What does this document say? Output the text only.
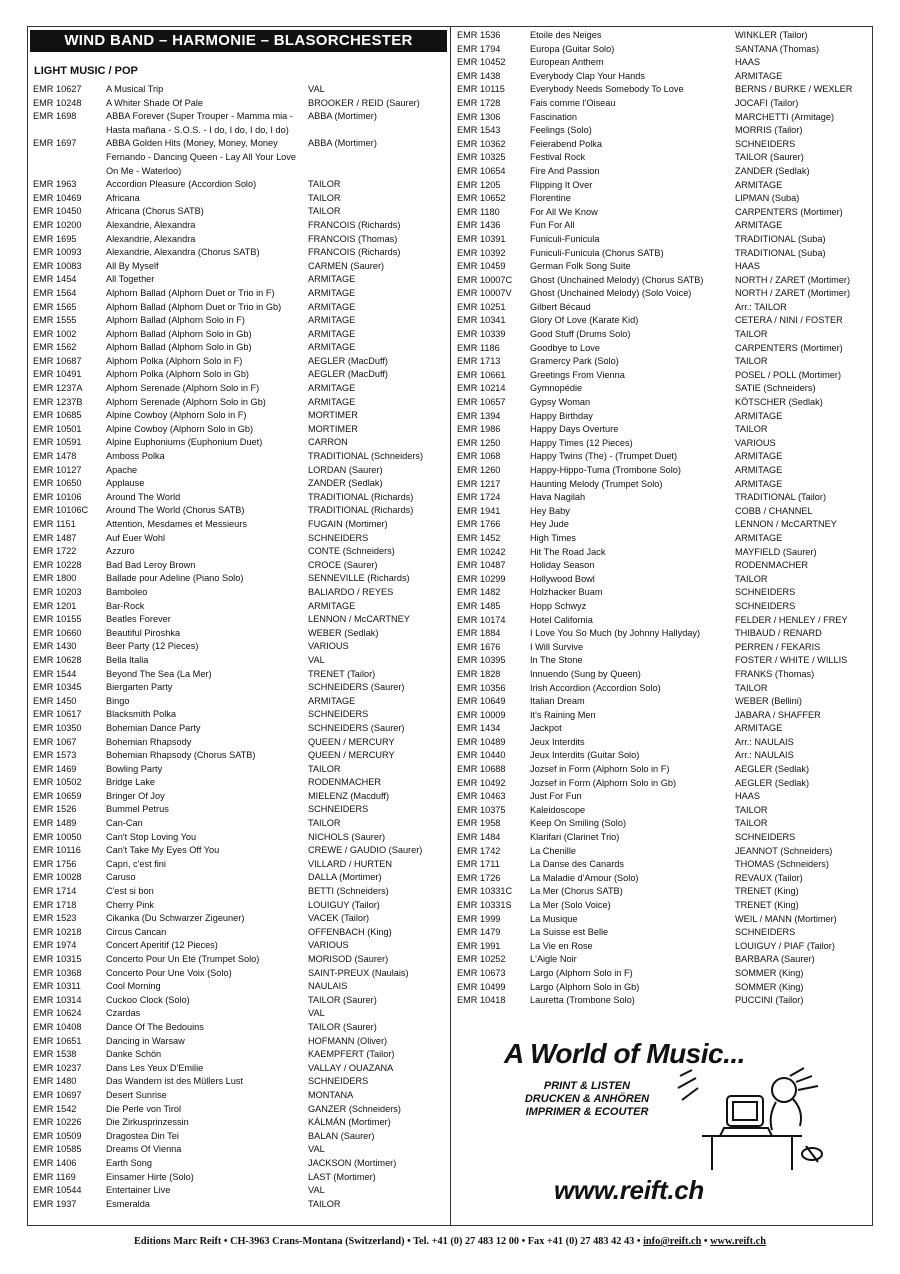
WIND BAND – HARMONIE – BLASORCHESTER
LIGHT MUSIC / POP
EMR 10627	A Musical Trip	VAL
EMR 10248	A Whiter Shade Of Pale	BROOKER / REID (Saurer)
EMR 1698	ABBA Forever (Super Trouper - Mamma mia - Hasta mañana - S.O.S. - I do, I do, I do, I do)
ABBA (Mortimer)
EMR 1697	ABBA Golden Hits (Money, Money, Money Fernando - Dancing Queen - Lay All Your Love On Me - Waterloo)
ABBA (Mortimer)
EMR 1963	Accordion Pleasure (Accordion Solo)	TAILOR
EMR 10469	Africana	TAILOR
EMR 10450	Africana (Chorus SATB)	TAILOR
EMR 10200	Alexandrie, Alexandra	FRANCOIS (Richards)
EMR 1695	Alexandrie, Alexandra	FRANCOIS (Thomas)
EMR 10093	Alexandrie, Alexandra (Chorus SATB)	FRANCOIS (Richards)
EMR 10083	All By Myself	CARMEN (Saurer)
EMR 1454	All Together	ARMITAGE
EMR 1564	Alphorn Ballad (Alphorn Duet or Trio in F)	ARMITAGE
EMR 1565	Alphorn Ballad (Alphorn Duet or Trio in Gb)	ARMITAGE
EMR 1555	Alphorn Ballad (Alphorn Solo in F)	ARMITAGE
EMR 1002	Alphorn Ballad (Alphorn Solo in Gb)	ARMITAGE
EMR 1562	Alphorn Ballad (Alphorn Solo in Gb)	ARMITAGE
EMR 10687	Alphorn Polka (Alphorn Solo in F)	AEGLER (MacDuff)
EMR 10491	Alphorn Polka (Alphorn Solo in Gb)	AEGLER (MacDuff)
EMR 1237A	Alphorn Serenade (Alphorn Solo in F)	ARMITAGE
EMR 1237B	Alphorn Serenade (Alphorn Solo in Gb)	ARMITAGE
EMR 10685	Alpine Cowboy (Alphorn Solo in F)	MORTIMER
EMR 10501	Alpine Cowboy (Alphorn Solo in Gb)	MORTIMER
EMR 10591	Alpine Euphoniums (Euphonium Duet)	CARRON
EMR 1478	Amboss Polka	TRADITIONAL (Schneiders)
EMR 10127	Apache	LORDAN (Saurer)
EMR 10650	Applause	ZANDER (Sedlak)
EMR 10106	Around The World	TRADITIONAL (Richards)
EMR 10106C	Around The World (Chorus SATB)	TRADITIONAL (Richards)
EMR 1151	Attention, Mesdames et Messieurs	FUGAIN (Mortimer)
EMR 1487	Auf Euer Wohl	SCHNEIDERS
EMR 1722	Azzuro	CONTE (Schneiders)
EMR 10228	Bad Bad Leroy Brown	CROCE (Saurer)
EMR 1800	Ballade pour Adeline (Piano Solo)	SENNEVILLE (Richards)
EMR 10203	Bamboleo	BALIARDO / REYES
EMR 1201	Bar-Rock	ARMITAGE
EMR 10155	Beatles Forever	LENNON / McCARTNEY
EMR 10660	Beautiful Piroshka	WEBER (Sedlak)
EMR 1430	Beer Party (12 Pieces)	VARIOUS
EMR 10628	Bella Italia	VAL
EMR 1544	Beyond The Sea (La Mer)	TRENET (Tailor)
EMR 10345	Biergarten Party	SCHNEIDERS (Saurer)
EMR 1450	Bingo	ARMITAGE
EMR 10617	Blacksmith Polka	SCHNEIDERS
EMR 10350	Bohemian Dance Party	SCHNEIDERS (Saurer)
EMR 1067	Bohemian Rhapsody	QUEEN / MERCURY
EMR 1573	Bohemian Rhapsody (Chorus SATB)	QUEEN / MERCURY
EMR 1469	Bowling Party	TAILOR
EMR 10502	Bridge Lake	RODENMACHER
EMR 10659	Bringer Of Joy	MIELENZ (Macduff)
EMR 1526	Bummel Petrus	SCHNEIDERS
EMR 1489	Can-Can	TAILOR
EMR 10050	Can't Stop Loving You	NICHOLS (Saurer)
EMR 10116	Can't Take My Eyes Off You	CREWE / GAUDIO (Saurer)
EMR 1756	Capri, c'est fini	VILLARD / HURTEN
EMR 10028	Caruso	DALLA (Mortimer)
EMR 1714	C'est si bon	BETTI (Schneiders)
EMR 1718	Cherry Pink	LOUIGUY (Tailor)
EMR 1523	Cikanka (Du Schwarzer Zigeuner)	VACEK (Tailor)
EMR 10218	Circus Cancan	OFFENBACH (King)
EMR 1974	Concert Aperitif (12 Pieces)	VARIOUS
EMR 10315	Concerto Pour Un Eté (Trumpet Solo)	MORISOD (Saurer)
EMR 10368	Concerto Pour Une Voix (Solo)	SAINT-PREUX (Naulais)
EMR 10311	Cool Morning	NAULAIS
EMR 10314	Cuckoo Clock (Solo)	TAILOR (Saurer)
EMR 10624	Czardas	VAL
EMR 10408	Dance Of The Bedouins	TAILOR (Saurer)
EMR 10651	Dancing in Warsaw	HOFMANN (Oliver)
EMR 1538	Danke Schön	KAEMPFERT (Tailor)
EMR 10237	Dans Les Yeux D'Emilie	VALLAY / OUAZANA
EMR 1480	Das Wandern ist des Müllers Lust	SCHNEIDERS
EMR 10697	Desert Sunrise	MONTANA
EMR 1542	Die Perle von Tirol	GANZER (Schneiders)
EMR 10226	Die Zirkusprinzessin	KÁLMÁN (Mortimer)
EMR 10509	Dragostea Din Tei	BALAN (Saurer)
EMR 10585	Dreams Of Vienna	VAL
EMR 1406	Earth Song	JACKSON (Mortimer)
EMR 1169	Einsamer Hirte (Solo)	LAST (Mortimer)
EMR 10544	Entertainer Live	VAL
EMR 1937	Esmeralda	TAILOR
EMR 1536	Etoile des Neiges	WINKLER (Tailor)
EMR 1794	Europa (Guitar Solo)	SANTANA (Thomas)
EMR 10452	European Anthem	HAAS
EMR 1438	Everybody Clap Your Hands	ARMITAGE
EMR 10115	Everybody Needs Somebody To Love	BERNS / BURKE / WEXLER
EMR 1728	Fais comme l'Oiseau	JOCAFI (Tailor)
EMR 1306	Fascination	MARCHETTI (Armitage)
EMR 1543	Feelings (Solo)	MORRIS (Tailor)
EMR 10362	Feierabend Polka	SCHNEIDERS
EMR 10325	Festival Rock	TAILOR (Saurer)
EMR 10654	Fire And Passion	ZANDER (Sedlak)
EMR 1205	Flipping It Over	ARMITAGE
EMR 10652	Florentine	LIPMAN (Suba)
EMR 1180	For All We Know	CARPENTERS (Mortimer)
EMR 1436	Fun For All	ARMITAGE
EMR 10391	Funiculi-Funicula	TRADITIONAL (Suba)
EMR 10392	Funiculi-Funicula (Chorus SATB)	TRADITIONAL (Suba)
EMR 10459	German Folk Song Suite	HAAS
EMR 10007C	Ghost (Unchained Melody) (Chorus SATB)	NORTH / ZARET (Mortimer)
EMR 10007V	Ghost (Unchained Melody) (Solo Voice)	NORTH / ZARET (Mortimer)
EMR 10251	Gilbert Bécaud	Arr.: TAILOR
EMR 10341	Glory Of Love (Karate Kid)	CETERA / NINI / FOSTER
EMR 10339	Good Stuff (Drums Solo)	TAILOR
EMR 1186	Goodbye to Love	CARPENTERS (Mortimer)
EMR 1713	Gramercy Park (Solo)	TAILOR
EMR 10661	Greetings From Vienna	POSEL / POLL (Mortimer)
EMR 10214	Gymnopédie	SATIE (Schneiders)
EMR 10657	Gypsy Woman	KÖTSCHER (Sedlak)
EMR 1394	Happy Birthday	ARMITAGE
EMR 1986	Happy Days Overture	TAILOR
EMR 1250	Happy Times (12 Pieces)	VARIOUS
EMR 1068	Happy Twins (The) - (Trumpet Duet)	ARMITAGE
EMR 1260	Happy-Hippo-Tuma (Trombone Solo)	ARMITAGE
EMR 1217	Haunting Melody (Trumpet Solo)	ARMITAGE
EMR 1724	Hava Nagilah	TRADITIONAL (Tailor)
EMR 1941	Hey Baby	COBB / CHANNEL
EMR 1766	Hey Jude	LENNON / McCARTNEY
EMR 1452	High Times	ARMITAGE
EMR 10242	Hit The Road Jack	MAYFIELD (Saurer)
EMR 10487	Holiday Season	RODENMACHER
EMR 10299	Hollywood Bowl	TAILOR
EMR 1482	Holzhacker Buam	SCHNEIDERS
EMR 1485	Hopp Schwyz	SCHNEIDERS
EMR 10174	Hotel California	FELDER / HENLEY / FREY
EMR 1884	I Love You So Much (by Johnny Hallyday)	THIBAUD / RENARD
EMR 1676	I Will Survive	PERREN / FEKARIS
EMR 10395	In The Stone	FOSTER / WHITE / WILLIS
EMR 1828	Innuendo (Sung by Queen)	FRANKS (Thomas)
EMR 10356	Irish Accordion (Accordion Solo)	TAILOR
EMR 10649	Italian Dream	WEBER (Bellini)
EMR 10009	It's Raining Men	JABARA / SHAFFER
EMR 1434	Jackpot	ARMITAGE
EMR 10489	Jeux Interdits	Arr.: NAULAIS
EMR 10440	Jeux Interdits (Guitar Solo)	Arr.: NAULAIS
EMR 10688	Jozsef in Form (Alphorn Solo in F)	AEGLER (Sedlak)
EMR 10492	Jozsef in Form (Alphorn Solo in Gb)	AEGLER (Sedlak)
EMR 10463	Just For Fun	HAAS
EMR 10375	Kaleidoscope	TAILOR
EMR 1958	Keep On Smiling (Solo)	TAILOR
EMR 1484	Klarifari (Clarinet Trio)	SCHNEIDERS
EMR 1742	La Chenille	JEANNOT (Schneiders)
EMR 1711	La Danse des Canards	THOMAS (Schneiders)
EMR 1726	La Maladie d'Amour (Solo)	REVAUX (Tailor)
EMR 10331C	La Mer (Chorus SATB)	TRENET (King)
EMR 10331S	La Mer (Solo Voice)	TRENET (King)
EMR 1999	La Musique	WEIL / MANN (Mortimer)
EMR 1479	La Suisse est Belle	SCHNEIDERS
EMR 1991	La Vie en Rose	LOUIGUY / PIAF (Tailor)
EMR 10252	L'Aigle Noir	BARBARA (Saurer)
EMR 10673	Largo (Alphorn Solo in F)	SOMMER (King)
EMR 10499	Largo (Alphorn Solo in Gb)	SOMMER (King)
EMR 10418	Lauretta (Trombone Solo)	PUCCINI (Tailor)
A World of Music...
PRINT & LISTEN
DRUCKEN & ANHÖREN
IMPRIMER & ECOUTER
www.reift.ch
Editions Marc Reift • CH-3963 Crans-Montana (Switzerland) • Tel. +41 (0) 27 483 12 00 • Fax +41 (0) 27 483 42 43 • info@reift.ch • www.reift.ch
